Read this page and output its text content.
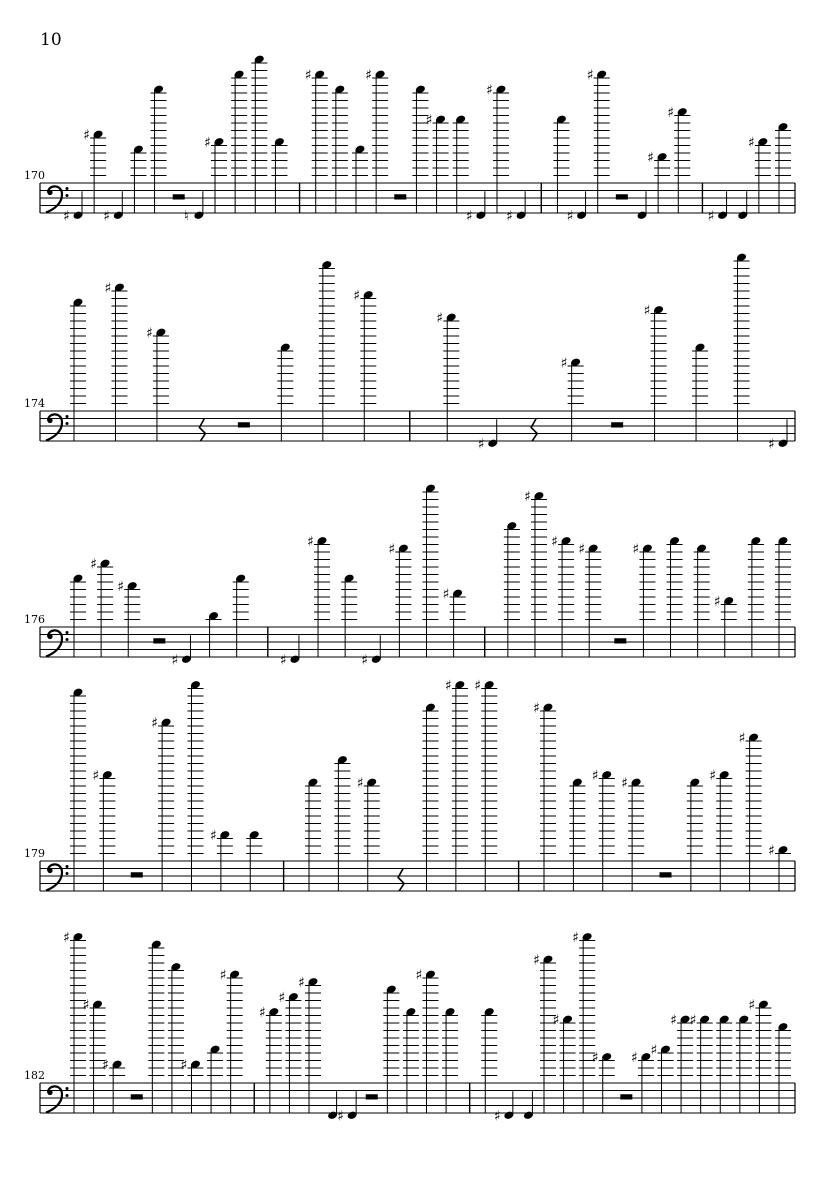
10
170
♯
♯
♯	♮
♯
♯	♯
♯
♯
♯
♯	♯
♯
♯
♯
♯
♯
174
♯
♯
♯
♯
♯
♯
♯
♯
176
♯
♯
♯	♯
♯
♯
♯
♯
♯
♯ ♯	♯
♯
179
♯
♯
♯
♯
♯ ♯
♯
♯ ♯	♯
♯
♯
182
♯
♯
♯	♯
♯
♯
♯
♯
♯
♯
♯
♯
♯
♯
♯ ♯ ♯
♯ ♯
♯
